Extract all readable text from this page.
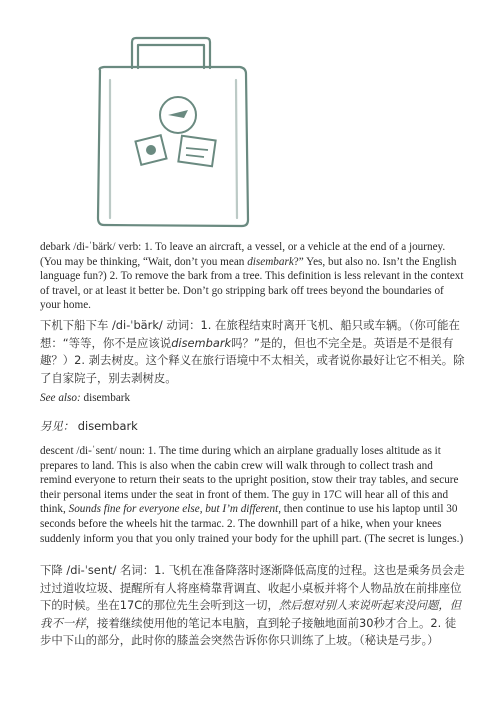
debark /di-ˈbärk/ verb: 1. To leave an aircraft, a vessel, or a vehicle at the end of a journey. (You may be thinking, “Wait, don’t you mean disembark?” Yes, but also no. Isn’t the English language fun?) 2. To remove the bark from a tree. This definition is less relevant in the context of travel, or at least it better be. Don’t go stripping bark off trees beyond the boundaries of your home.

下机下船下车 /di-ˈbärk/ 动词：1. 在旅程结束时离开飞机、船只或车辆。（你可能在想：“等等，你不是应该说disembark吗？”是的，但也不完全是。英语是不是很有趣？）2. 剥去树皮。这个释义在旅行语境中不太相关，或者说你最好让它不相关。除了自家院子，别去剥树皮。

See also: disembark

另见： disembark

descent /di-ˈsent/ noun: 1. The time during which an airplane gradually loses altitude as it prepares to land. This is also when the cabin crew will walk through to collect trash and remind everyone to return their seats to the upright position, stow their tray tables, and secure their personal items under the seat in front of them. The guy in 17C will hear all of this and think, Sounds fine for everyone else, but I’m different, then continue to use his laptop until 30 seconds before the wheels hit the tarmac. 2. The downhill part of a hike, when your knees suddenly inform you that you only trained your body for the uphill part. (The secret is lunges.)

下降 /di-ˈsent/ 名词：1. 飞机在准备降落时逐渐降低高度的过程。这也是乘务员会走过过道收垃圾、提醒所有人将座椅靠背调直、收起小桌板并将个人物品放在前排座位下的时候。坐在17C的那位先生会听到这一切，然后想对别人来说听起来没问题，但我不一样，接着继续使用他的笔记本电脑，直到轮子接触地面前30秒才合上。2. 徒步中下山的部分，此时你的膝盖会突然告诉你你只训练了上坡。（秘诀是弓步。）
